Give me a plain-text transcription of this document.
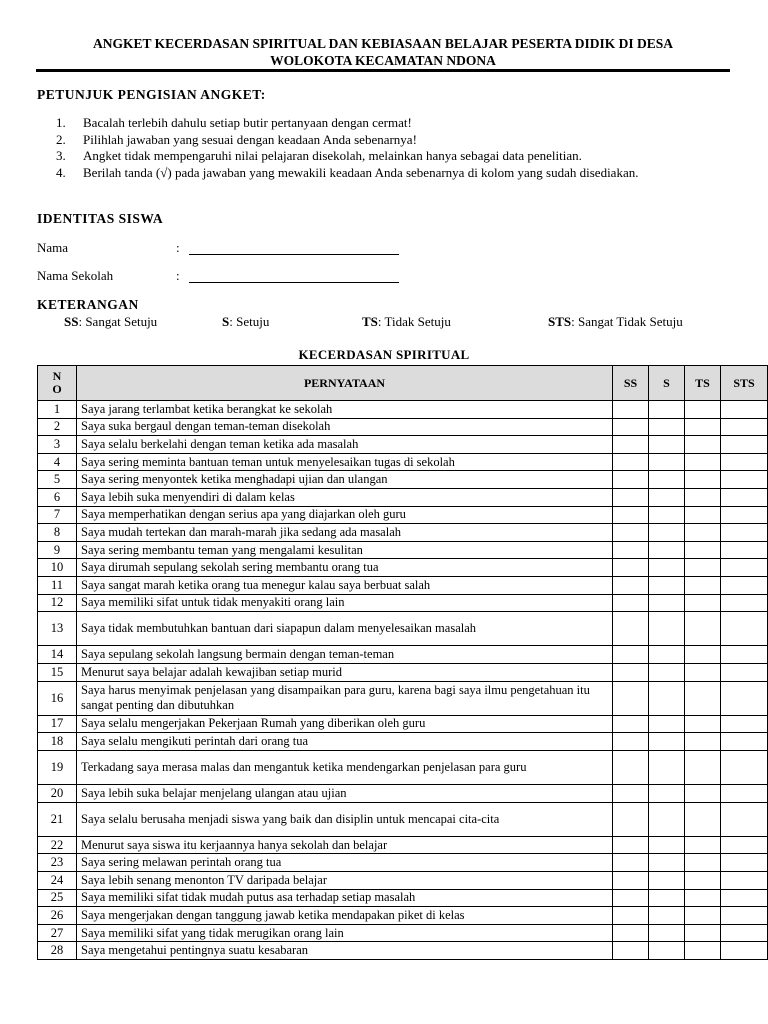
ANGKET KECERDASAN SPIRITUAL DAN KEBIASAAN BELAJAR PESERTA DIDIK DI DESA
WOLOKOTA KECAMATAN NDONA
PETUNJUK PENGISIAN ANGKET:
1.	Bacalah terlebih dahulu setiap butir pertanyaan dengan cermat!
2.	Pilihlah jawaban yang sesuai dengan keadaan Anda sebenarnya!
3.	Angket tidak mempengaruhi nilai pelajaran disekolah, melainkan hanya sebagai data penelitian.
4.	Berilah tanda (√) pada jawaban yang mewakili keadaan Anda sebenarnya di kolom yang sudah disediakan.
IDENTITAS SISWA
Nama	:
Nama Sekolah	:
KETERANGAN
SS: Sangat Setuju	S: Setuju	TS: Tidak Setuju	STS: Sangat Tidak Setuju
KECERDASAN SPIRITUAL
N
O	PERNYATAAN	SS	S	TS	STS
1	Saya jarang terlambat ketika berangkat ke sekolah				
2	Saya suka bergaul dengan teman-teman disekolah				
3	Saya selalu berkelahi dengan teman ketika ada masalah				
4	Saya sering meminta bantuan teman untuk menyelesaikan tugas di sekolah				
5	Saya sering menyontek ketika menghadapi ujian dan ulangan				
6	Saya lebih suka menyendiri di dalam kelas				
7	Saya memperhatikan dengan serius apa yang diajarkan oleh guru				
8	Saya mudah tertekan dan marah-marah jika sedang ada masalah				
9	Saya sering membantu teman yang mengalami kesulitan				
10	Saya dirumah sepulang sekolah sering membantu orang tua				
11	Saya sangat marah ketika orang tua menegur kalau saya berbuat salah				
12	Saya memiliki sifat untuk tidak menyakiti orang lain				
13	Saya tidak membutuhkan bantuan dari siapapun dalam menyelesaikan masalah				
14	Saya sepulang sekolah langsung bermain dengan teman-teman				
15	Menurut saya belajar adalah kewajiban setiap murid				
16	Saya harus menyimak penjelasan yang disampaikan para guru, karena bagi saya ilmu pengetahuan itu sangat penting dan dibutuhkan				
17	Saya selalu mengerjakan Pekerjaan Rumah yang diberikan oleh guru				
18	Saya selalu mengikuti perintah dari orang tua				
19	Terkadang saya merasa malas dan mengantuk ketika mendengarkan penjelasan para guru				
20	Saya lebih suka belajar menjelang ulangan atau ujian				
21	Saya selalu berusaha menjadi siswa yang baik dan disiplin untuk mencapai cita-cita				
22	Menurut saya siswa itu kerjaannya hanya sekolah dan belajar				
23	Saya sering melawan perintah orang tua				
24	Saya lebih senang menonton TV daripada belajar				
25	Saya memiliki sifat tidak mudah putus asa terhadap setiap masalah				
26	Saya mengerjakan dengan tanggung jawab ketika mendapakan piket di kelas				
27	Saya memiliki sifat yang tidak merugikan orang lain				
28	Saya mengetahui pentingnya suatu kesabaran				
